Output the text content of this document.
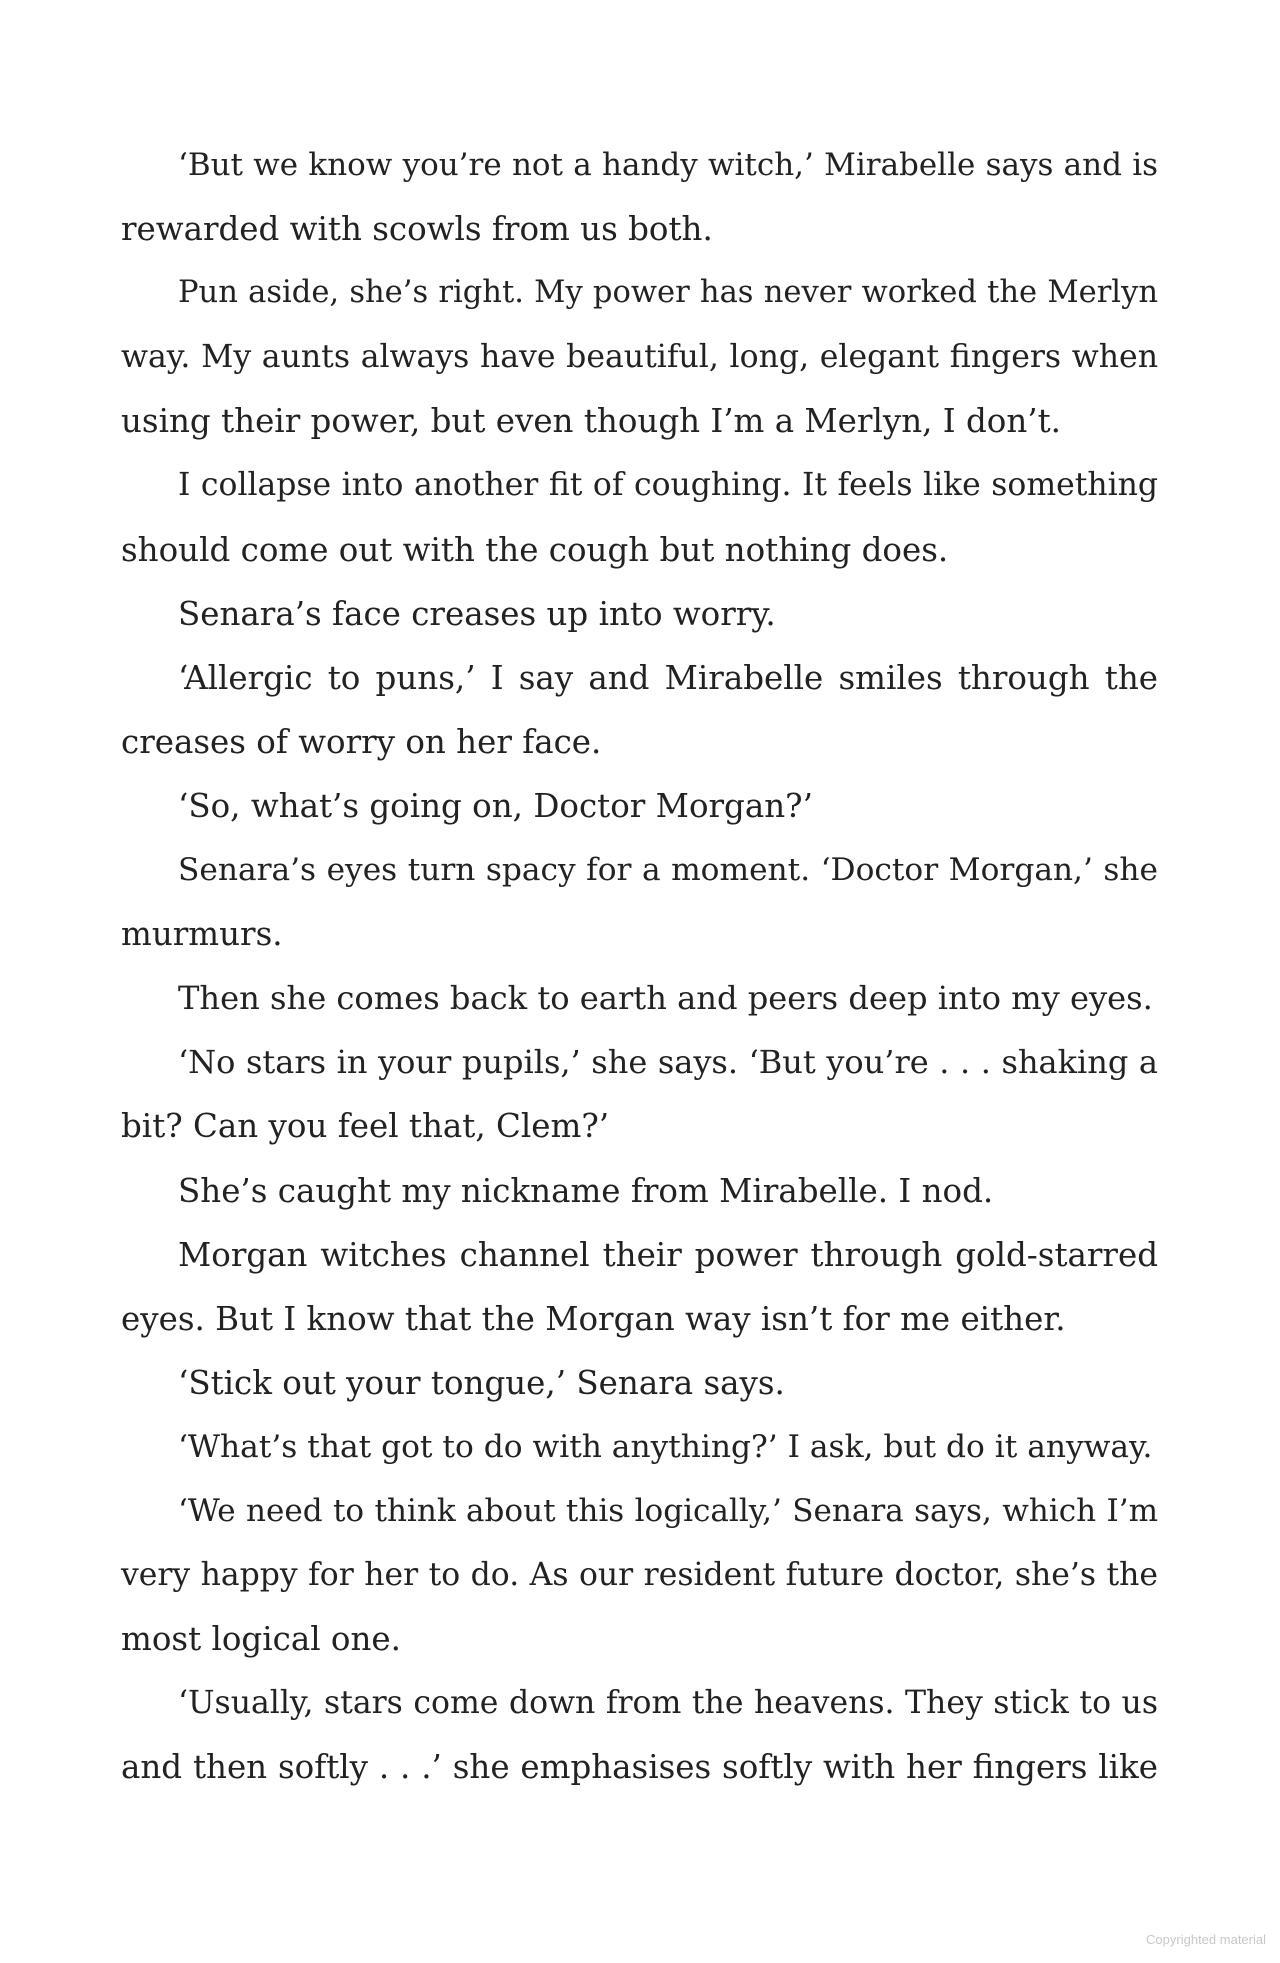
‘But we know you’re not a handy witch,’ Mirabelle says and is
rewarded with scowls from us both.
Pun aside, she’s right. My power has never worked the Merlyn
way. My aunts always have beautiful, long, elegant fingers when
using their power, but even though I’m a Merlyn, I don’t.
I collapse into another fit of coughing. It feels like something
should come out with the cough but nothing does.
Senara’s face creases up into worry.
‘Allergic to puns,’ I say and Mirabelle smiles through the
creases of worry on her face.
‘So, what’s going on, Doctor Morgan?’
Senara’s eyes turn spacy for a moment. ‘Doctor Morgan,’ she
murmurs.
Then she comes back to earth and peers deep into my eyes.
‘No stars in your pupils,’ she says. ‘But you’re . . . shaking a
bit? Can you feel that, Clem?’
She’s caught my nickname from Mirabelle. I nod.
Morgan witches channel their power through gold-starred
eyes. But I know that the Morgan way isn’t for me either.
‘Stick out your tongue,’ Senara says.
‘What’s that got to do with anything?’ I ask, but do it anyway.
‘We need to think about this logically,’ Senara says, which I’m
very happy for her to do. As our resident future doctor, she’s the
most logical one.
‘Usually, stars come down from the heavens. They stick to us
and then softly . . .’ she emphasises softly with her fingers like
Copyrighted material
